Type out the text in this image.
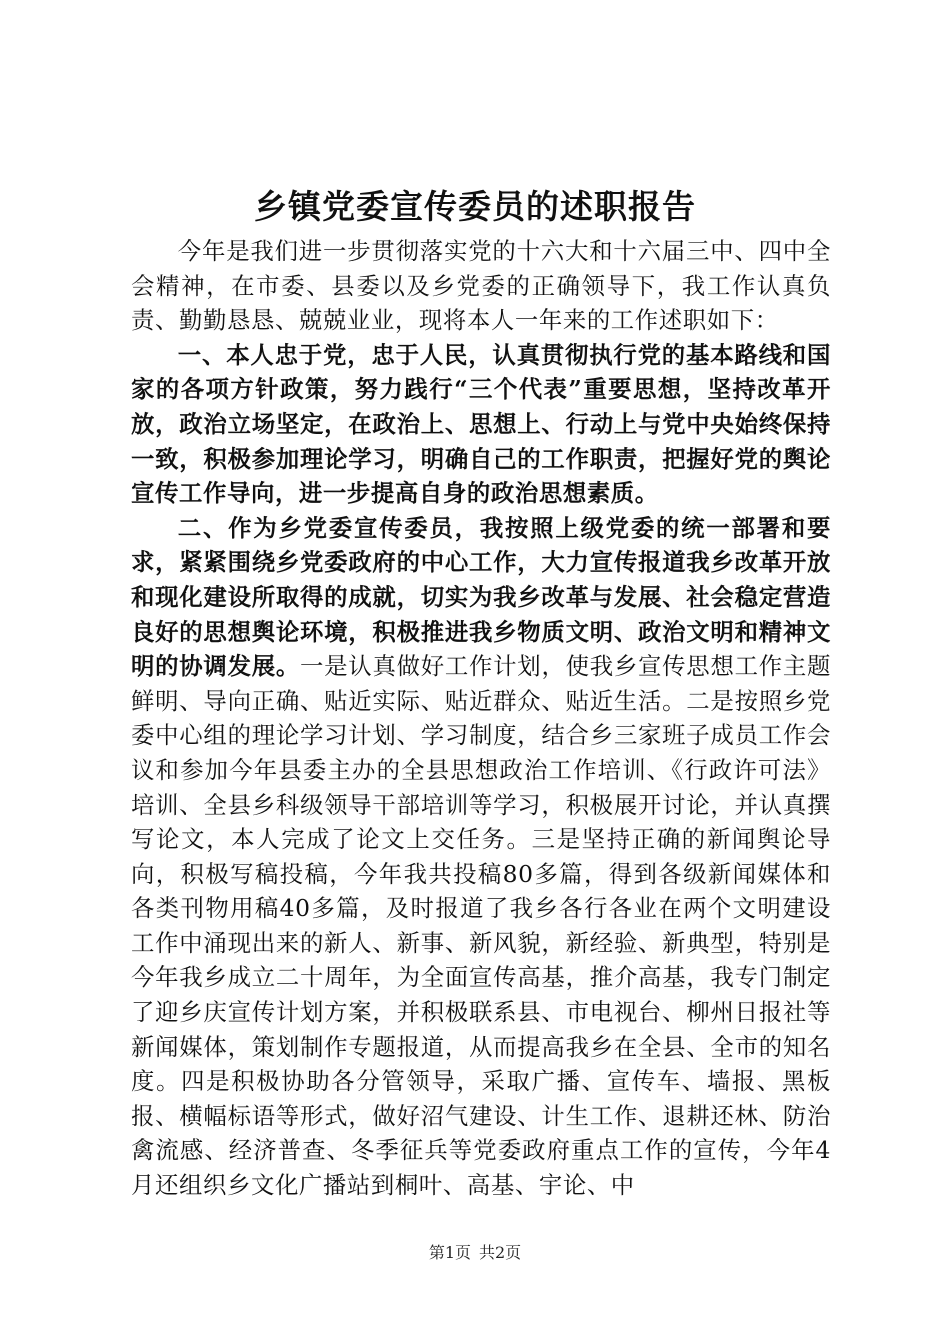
乡镇党委宣传委员的述职报告

今年是我们进一步贯彻落实党的十六大和十六届三中、四中全会精神，在市委、县委以及乡党委的正确领导下，我工作认真负责、勤勤恳恳、兢兢业业，现将本人一年来的工作述职如下：

一、本人忠于党，忠于人民，认真贯彻执行党的基本路线和国家的各项方针政策，努力践行“三个代表”重要思想，坚持改革开放，政治立场坚定，在政治上、思想上、行动上与党中央始终保持一致，积极参加理论学习，明确自己的工作职责，把握好党的舆论宣传工作导向，进一步提高自身的政治思想素质。

二、作为乡党委宣传委员，我按照上级党委的统一部署和要求，紧紧围绕乡党委政府的中心工作，大力宣传报道我乡改革开放和现化建设所取得的成就，切实为我乡改革与发展、社会稳定营造良好的思想舆论环境，积极推进我乡物质文明、政治文明和精神文明的协调发展。一是认真做好工作计划，使我乡宣传思想工作主题鲜明、导向正确、贴近实际、贴近群众、贴近生活。二是按照乡党委中心组的理论学习计划、学习制度，结合乡三家班子成员工作会议和参加今年县委主办的全县思想政治工作培训、《行政许可法》培训、全县乡科级领导干部培训等学习，积极展开讨论，并认真撰写论文，本人完成了论文上交任务。三是坚持正确的新闻舆论导向，积极写稿投稿，今年我共投稿80多篇，得到各级新闻媒体和各类刊物用稿40多篇，及时报道了我乡各行各业在两个文明建设工作中涌现出来的新人、新事、新风貌，新经验、新典型，特别是今年我乡成立二十周年，为全面宣传高基，推介高基，我专门制定了迎乡庆宣传计划方案，并积极联系县、市电视台、柳州日报社等新闻媒体，策划制作专题报道，从而提高我乡在全县、全市的知名度。四是积极协助各分管领导，采取广播、宣传车、墙报、黑板报、横幅标语等形式，做好沼气建设、计生工作、退耕还林、防治禽流感、经济普查、冬季征兵等党委政府重点工作的宣传，今年4月还组织乡文化广播站到桐叶、高基、宇论、中

第1页 共2页
